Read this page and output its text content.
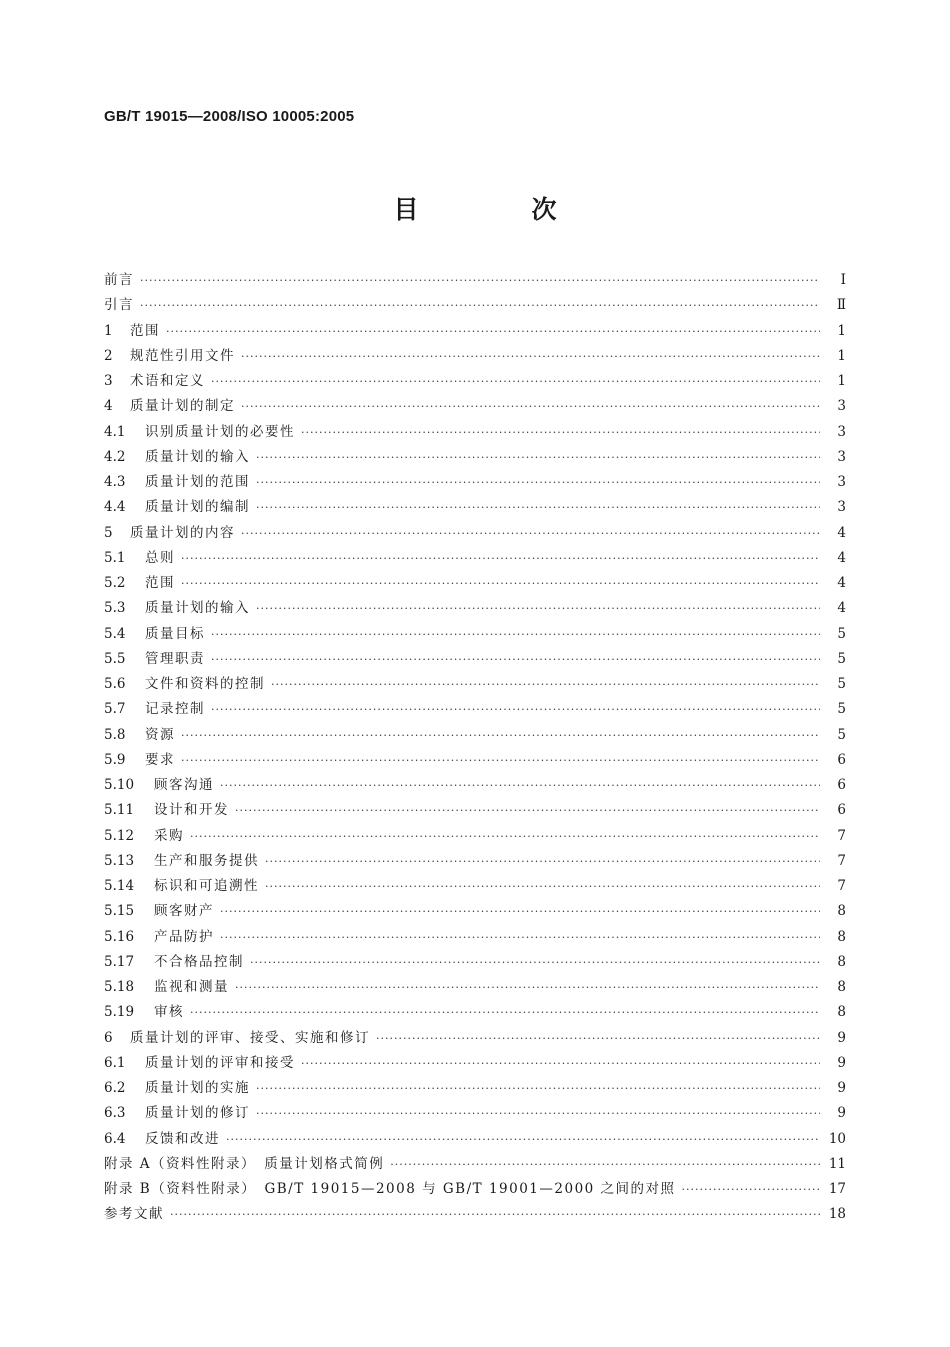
GB/T 19015—2008/ISO 10005:2005
目　次
前言 ·····	Ⅰ
引言 ·····	Ⅱ
1	范围 ·····	1
2	规范性引用文件 ·····	1
3	术语和定义 ·····	1
4	质量计划的制定 ·····	3
4.1	识别质量计划的必要性 ·····	3
4.2	质量计划的输入 ·····	3
4.3	质量计划的范围 ·····	3
4.4	质量计划的编制 ·····	3
5	质量计划的内容 ·····	4
5.1	总则 ·····	4
5.2	范围 ·····	4
5.3	质量计划的输入 ·····	4
5.4	质量目标 ·····	5
5.5	管理职责 ·····	5
5.6	文件和资料的控制 ·····	5
5.7	记录控制 ·····	5
5.8	资源 ·····	5
5.9	要求 ·····	6
5.10	顾客沟通 ·····	6
5.11	设计和开发 ·····	6
5.12	采购 ·····	7
5.13	生产和服务提供 ·····	7
5.14	标识和可追溯性 ·····	7
5.15	顾客财产 ·····	8
5.16	产品防护 ·····	8
5.17	不合格品控制 ·····	8
5.18	监视和测量 ·····	8
5.19	审核 ·····	8
6	质量计划的评审、接受、实施和修订 ·····	9
6.1	质量计划的评审和接受 ·····	9
6.2	质量计划的实施 ·····	9
6.3	质量计划的修订 ·····	9
6.4	反馈和改进 ·····	10
附录 A（资料性附录）　质量计划格式简例 ·····	11
附录 B（资料性附录）　GB/T 19015—2008 与 GB/T 19001—2000 之间的对照 ·····	17
参考文献 ·····	18
